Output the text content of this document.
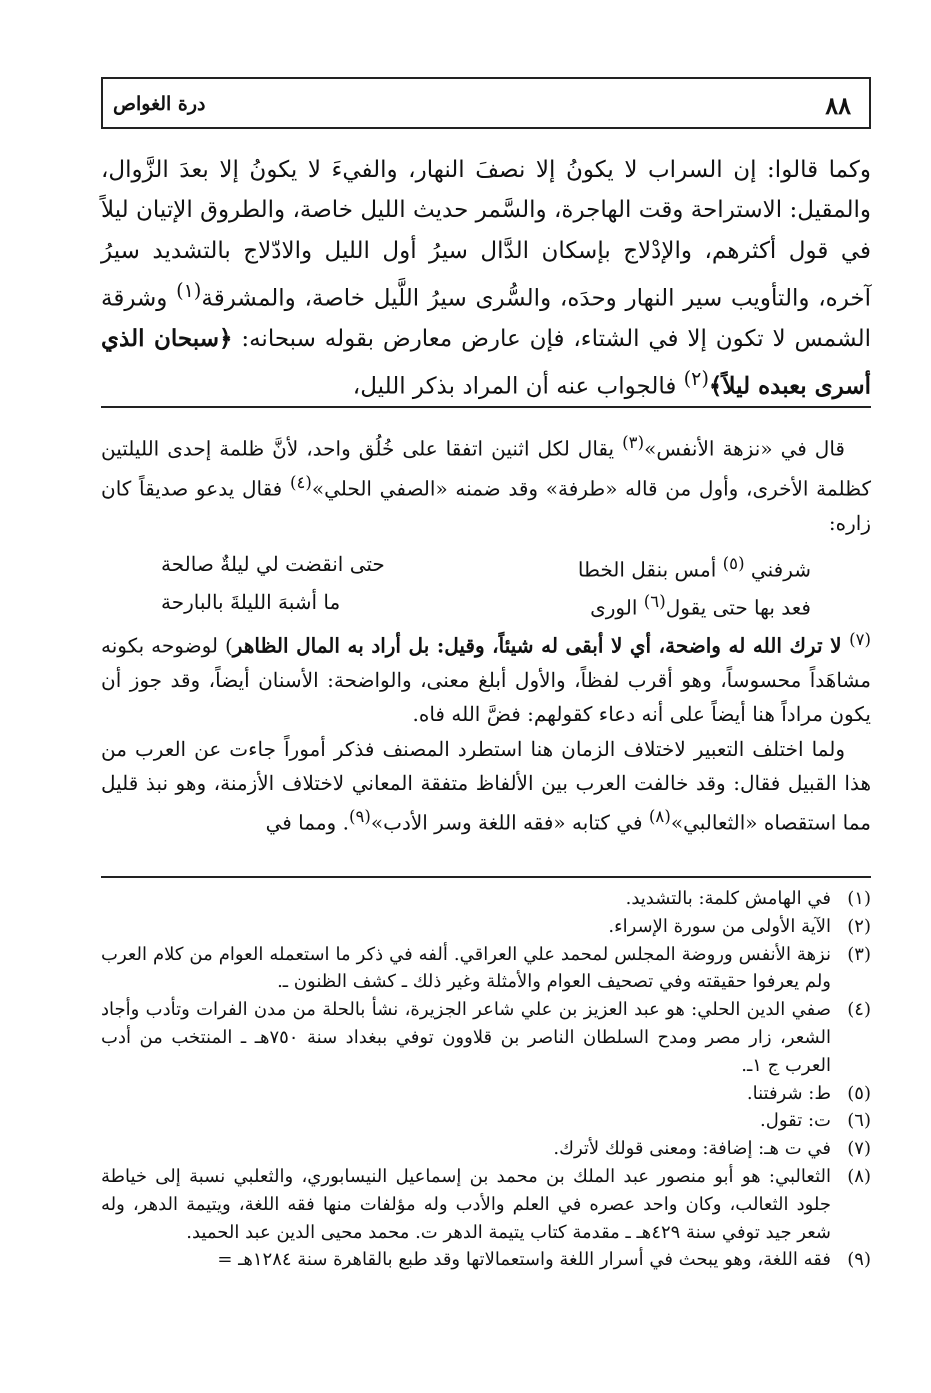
٨٨
درة الغواص

وكما قالوا: إن السراب لا يكونُ إلا نصفَ النهار، والفيءَ لا يكونُ إلا بعدَ الزَّوال، والمقيل: الاستراحة وقت الهاجرة، والسَّمر حديث الليل خاصة، والطروق الإتيان ليلاً في قول أكثرهم، والإدْلاج بإسكان الدَّال سيرُ أول الليل والادّلاج بالتشديد سيرُ آخره، والتأويب سير النهار وحدَه، والسُّرى سيرُ اللَّيل خاصة، والمشرقة$^{(١)}$ وشرقة الشمس لا تكون إلا في الشتاء، فإن عارض معارض بقوله سبحانه: ﴿سبحان الذي أسرى بعبده ليلاً﴾$^{(٢)}$ فالجواب عنه أن المراد بذكر الليل،

قال في «نزهة الأنفس»$^{(٣)}$ يقال لكل اثنين اتفقا على خُلُق واحد، لأنَّ ظلمة إحدى الليلتين كظلمة الأخرى، وأول من قاله «طرفة» وقد ضمنه «الصفي الحلي»$^{(٤)}$ فقال يدعو صديقاً كان زاره:

شرفني $^{(٥)}$ أمس بنقل الخطا
حتى انقضت لي ليلةٌ صالحة
فعد بها حتى يقول$^{(٦)}$ الورى
ما أشبهَ الليلةَ بالبارحة

$^{(٧)}$ لا ترك الله له واضحة، أي لا أبقى له شيئاً، وقيل: بل أراد به المال الظاهر) لوضوحه بكونه مشاهَداً محسوساً، وهو أقرب لفظاً، والأول أبلغ معنى، والواضحة: الأسنان أيضاً، وقد جوز أن يكون مراداً هنا أيضاً على أنه دعاء كقولهم: فضَّ الله فاه.

ولما اختلف التعبير لاختلاف الزمان هنا استطرد المصنف فذكر أموراً جاءت عن العرب من هذا القبيل فقال: وقد خالفت العرب بين الألفاظ متفقة المعاني لاختلاف الأزمنة، وهو نبذ قليل مما استقصاه «الثعالبي»$^{(٨)}$ في كتابه «فقه اللغة وسر الأدب»$^{(٩)}$. ومما في

(١)
في الهامش كلمة: بالتشديد.
(٢)
الآية الأولى من سورة الإسراء.
(٣)
نزهة الأنفس وروضة المجلس لمحمد علي العراقي. ألفه في ذكر ما استعمله العوام من كلام العرب ولم يعرفوا حقيقته وفي تصحيف العوام والأمثلة وغير ذلك ـ كشف الظنون ـ.
(٤)
صفي الدين الحلي: هو عبد العزيز بن علي شاعر الجزيرة، نشأ بالحلة من مدن الفرات وتأدب وأجاد الشعر، زار مصر ومدح السلطان الناصر بن قلاوون توفي ببغداد سنة ٧٥٠هـ ـ المنتخب من أدب العرب ج ١ـ.
(٥)
ط: شرفتنا.
(٦)
ت: تقول.
(٧)
في ت هـ: إضافة: ومعنى قولك لأترك.
(٨)
الثعالبي: هو أبو منصور عبد الملك بن محمد بن إسماعيل النيسابوري، والثعلبي نسبة إلى خياطة جلود الثعالب، وكان واحد عصره في العلم والأدب وله مؤلفات منها فقه اللغة، ويتيمة الدهر، وله شعر جيد توفي سنة ٤٢٩هـ ـ مقدمة كتاب يتيمة الدهر ت. محمد محيى الدين عبد الحميد.
(٩)
فقه اللغة، وهو يبحث في أسرار اللغة واستعمالاتها وقد طبع بالقاهرة سنة ١٢٨٤هـ =
